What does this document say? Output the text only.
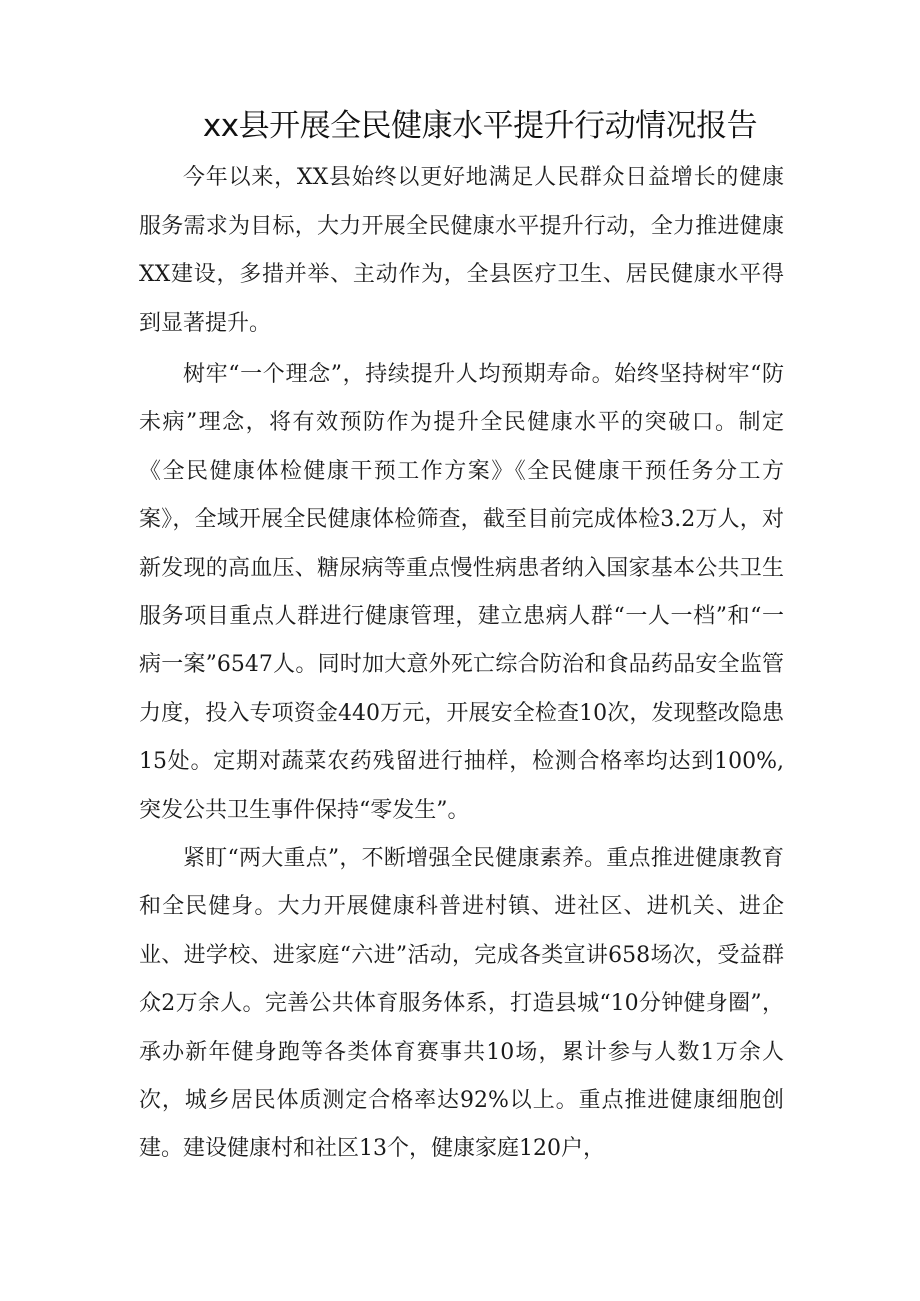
xx县开展全民健康水平提升行动情况报告

今年以来，XX县始终以更好地满足人民群众日益增长的健康服务需求为目标，大力开展全民健康水平提升行动，全力推进健康XX建设，多措并举、主动作为，全县医疗卫生、居民健康水平得到显著提升。

树牢“一个理念”，持续提升人均预期寿命。始终坚持树牢“防未病”理念，将有效预防作为提升全民健康水平的突破口。制定《全民健康体检健康干预工作方案》《全民健康干预任务分工方案》，全域开展全民健康体检筛查，截至目前完成体检3.2万人，对新发现的高血压、糖尿病等重点慢性病患者纳入国家基本公共卫生服务项目重点人群进行健康管理，建立患病人群“一人一档”和“一病一案”6547人。同时加大意外死亡综合防治和食品药品安全监管力度，投入专项资金440万元，开展安全检查10次，发现整改隐患15处。定期对蔬菜农药残留进行抽样，检测合格率均达到100%,突发公共卫生事件保持“零发生”。

紧盯“两大重点”，不断增强全民健康素养。重点推进健康教育和全民健身。大力开展健康科普进村镇、进社区、进机关、进企业、进学校、进家庭“六进”活动，完成各类宣讲658场次，受益群众2万余人。完善公共体育服务体系，打造县城“10分钟健身圈”，承办新年健身跑等各类体育赛事共10场，累计参与人数1万余人次，城乡居民体质测定合格率达92%以上。重点推进健康细胞创建。建设健康村和社区13个，健康家庭120户，
